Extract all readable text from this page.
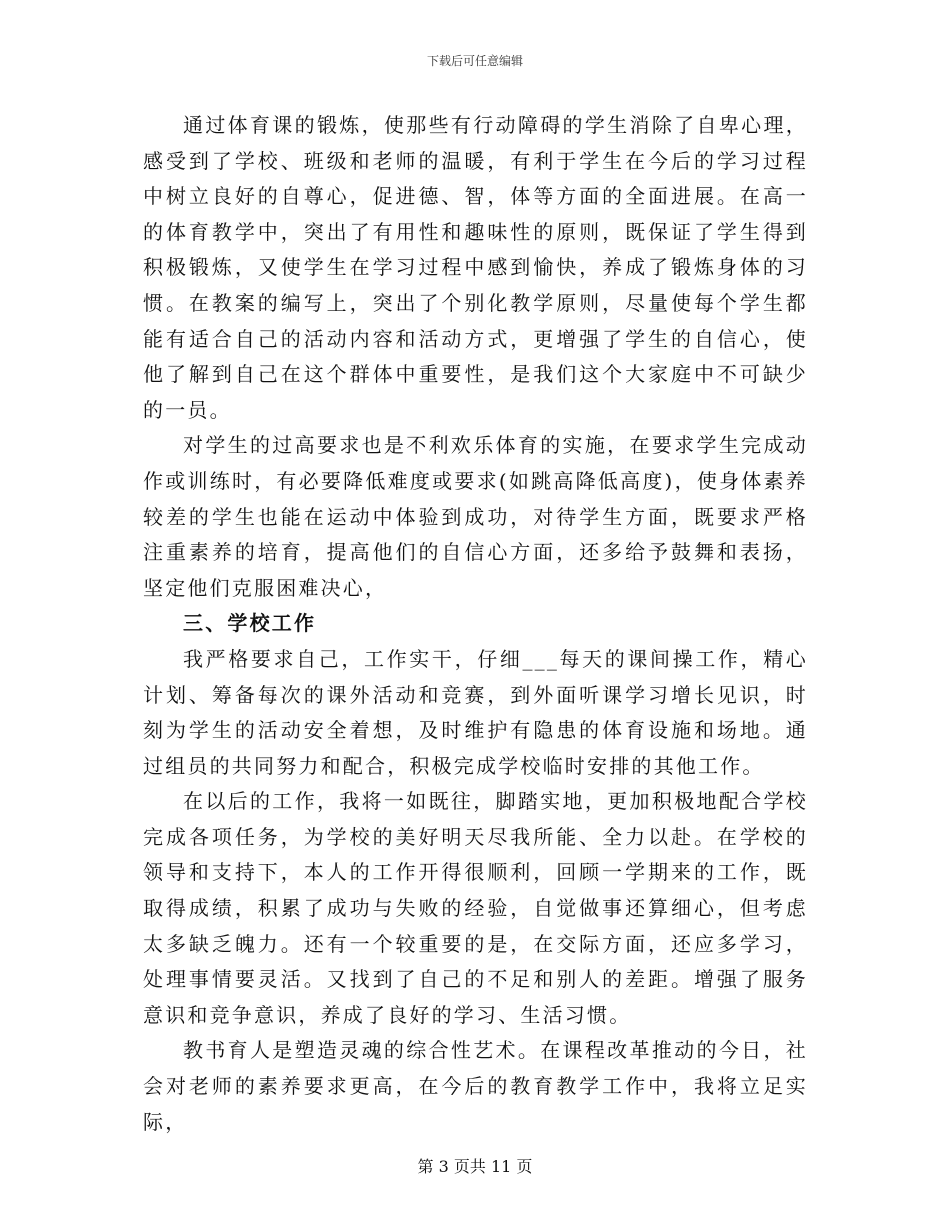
下载后可任意编辑

通过体育课的锻炼，使那些有行动障碍的学生消除了自卑心理，感受到了学校、班级和老师的温暖，有利于学生在今后的学习过程中树立良好的自尊心，促进德、智，体等方面的全面进展。在高一的体育教学中，突出了有用性和趣味性的原则，既保证了学生得到积极锻炼，又使学生在学习过程中感到愉快，养成了锻炼身体的习惯。在教案的编写上，突出了个别化教学原则，尽量使每个学生都能有适合自己的活动内容和活动方式，更增强了学生的自信心，使他了解到自己在这个群体中重要性，是我们这个大家庭中不可缺少的一员。

对学生的过高要求也是不利欢乐体育的实施，在要求学生完成动作或训练时，有必要降低难度或要求(如跳高降低高度)，使身体素养较差的学生也能在运动中体验到成功，对待学生方面，既要求严格注重素养的培育，提高他们的自信心方面，还多给予鼓舞和表扬，坚定他们克服困难决心，

三、学校工作

我严格要求自己，工作实干，仔细___每天的课间操工作，精心计划、筹备每次的课外活动和竞赛，到外面听课学习增长见识，时刻为学生的活动安全着想，及时维护有隐患的体育设施和场地。通过组员的共同努力和配合，积极完成学校临时安排的其他工作。

在以后的工作，我将一如既往，脚踏实地，更加积极地配合学校完成各项任务，为学校的美好明天尽我所能、全力以赴。在学校的领导和支持下，本人的工作开得很顺利，回顾一学期来的工作，既取得成绩，积累了成功与失败的经验，自觉做事还算细心，但考虑太多缺乏魄力。还有一个较重要的是，在交际方面，还应多学习，处理事情要灵活。又找到了自己的不足和别人的差距。增强了服务意识和竞争意识，养成了良好的学习、生活习惯。

教书育人是塑造灵魂的综合性艺术。在课程改革推动的今日，社会对老师的素养要求更高，在今后的教育教学工作中，我将立足实际，

第 3 页共 11 页
